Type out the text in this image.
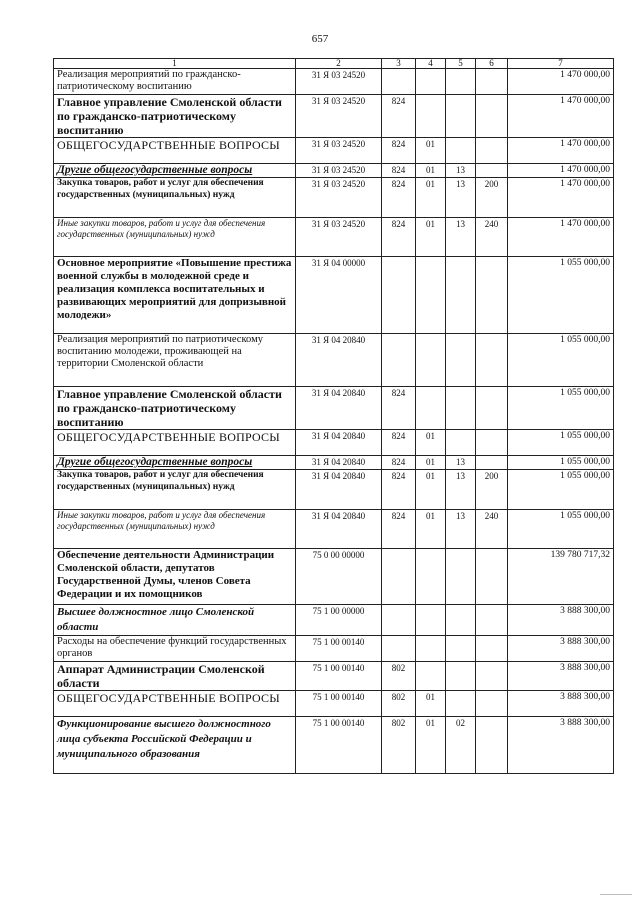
657
1	2	3	4	5	6	7
Реализация мероприятий по гражданско-патриотическому воспитанию	31 Я 03 24520					1 470 000,00
Главное управление Смоленской области по гражданско-патриотическому воспитанию	31 Я 03 24520	824				1 470 000,00
ОБЩЕГОСУДАРСТВЕННЫЕ ВОПРОСЫ	31 Я 03 24520	824	01			1 470 000,00
Другие общегосударственные вопросы	31 Я 03 24520	824	01	13		1 470 000,00
Закупка товаров, работ и услуг для обеспечения государственных (муниципальных) нужд	31 Я 03 24520	824	01	13	200	1 470 000,00
Иные закупки товаров, работ и услуг для обеспечения государственных (муниципальных) нужд	31 Я 03 24520	824	01	13	240	1 470 000,00
Основное мероприятие «Повышение престижа военной службы в молодежной среде и реализация комплекса воспитательных и развивающих мероприятий для допризывной молодежи»	31 Я 04 00000					1 055 000,00
Реализация мероприятий по патриотическому воспитанию молодежи, проживающей на территории Смоленской области	31 Я 04 20840					1 055 000,00
Главное управление Смоленской области по гражданско-патриотическому воспитанию	31 Я 04 20840	824				1 055 000,00
ОБЩЕГОСУДАРСТВЕННЫЕ ВОПРОСЫ	31 Я 04 20840	824	01			1 055 000,00
Другие общегосударственные вопросы	31 Я 04 20840	824	01	13		1 055 000,00
Закупка товаров, работ и услуг для обеспечения государственных (муниципальных) нужд	31 Я 04 20840	824	01	13	200	1 055 000,00
Иные закупки товаров, работ и услуг для обеспечения государственных (муниципальных) нужд	31 Я 04 20840	824	01	13	240	1 055 000,00
Обеспечение деятельности Администрации Смоленской области, депутатов Государственной Думы, членов Совета Федерации и их помощников	75 0 00 00000					139 780 717,32
Высшее должностное лицо Смоленской области	75 1 00 00000					3 888 300,00
Расходы на обеспечение функций государственных органов	75 1 00 00140					3 888 300,00
Аппарат Администрации Смоленской области	75 1 00 00140	802				3 888 300,00
ОБЩЕГОСУДАРСТВЕННЫЕ ВОПРОСЫ	75 1 00 00140	802	01			3 888 300,00
Функционирование высшего должностного лица субъекта Российской Федерации и муниципального образования	75 1 00 00140	802	01	02		3 888 300,00
